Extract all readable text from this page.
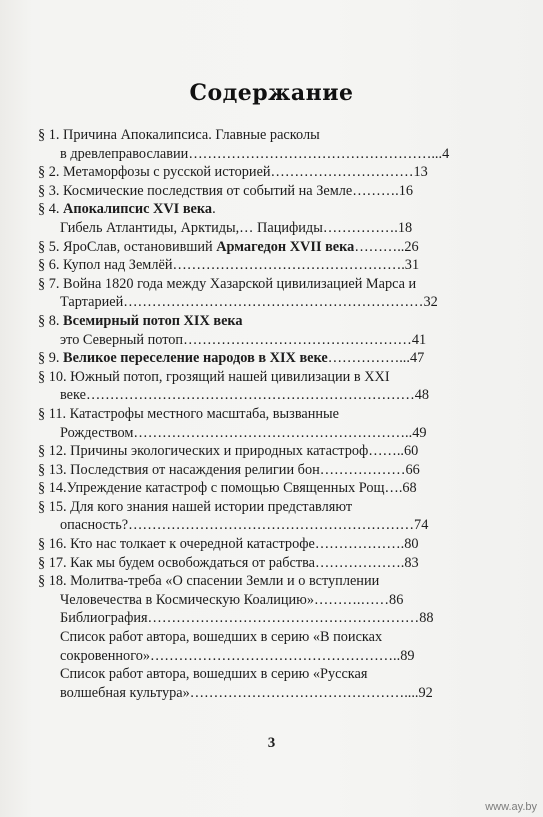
Содержание
§ 1. Причина Апокалипсиса. Главные расколы
в древлеправославии……………………………………………...4
§ 2. Метаморфозы с русской историей…………………………13
§ 3. Космические последствия от событий на Земле……….16
§ 4. Апокалипсис XVI века.
Гибель Атлантиды, Арктиды,… Пацифиды…………….18
§ 5. ЯроСлав, остановивший Армагедон XVII века………..26
§ 6. Купол над Землёй………………………………………….31
§ 7. Война 1820 года между Хазарской цивилизацией Марса и
Тартарией………………………………………………………32
§ 8. Всемирный потоп XIX века
это Северный потоп…………………………………………41
§ 9. Великое переселение народов в XIX веке……………...47
§ 10. Южный потоп, грозящий нашей цивилизации в XXI
веке……………………………………………………………48
§ 11. Катастрофы местного масштаба, вызванные
Рождеством…………………………………………………..49
§ 12. Причины экологических и природных катастроф……..60
§ 13. Последствия от насаждения религии бон………………66
§ 14.Упреждение катастроф с помощью Священных Рощ….68
§ 15. Для кого знания нашей истории представляют
опасность?……………………………………………………74
§ 16. Кто нас толкает к очередной катастрофе……………….80
§ 17. Как мы будем освобождаться от рабства……………….83
§ 18. Молитва-треба «О спасении Земли и о вступлении
Человечества в Космическую Коалицию»……….……86
Библиография…………………………………………………88
Список работ автора, вошедших в серию «В поисках
сокровенного»……………………………………………..89
Список работ автора, вошедших в серию «Русская
волшебная культура»………………………………………....92
3
www.ay.by
